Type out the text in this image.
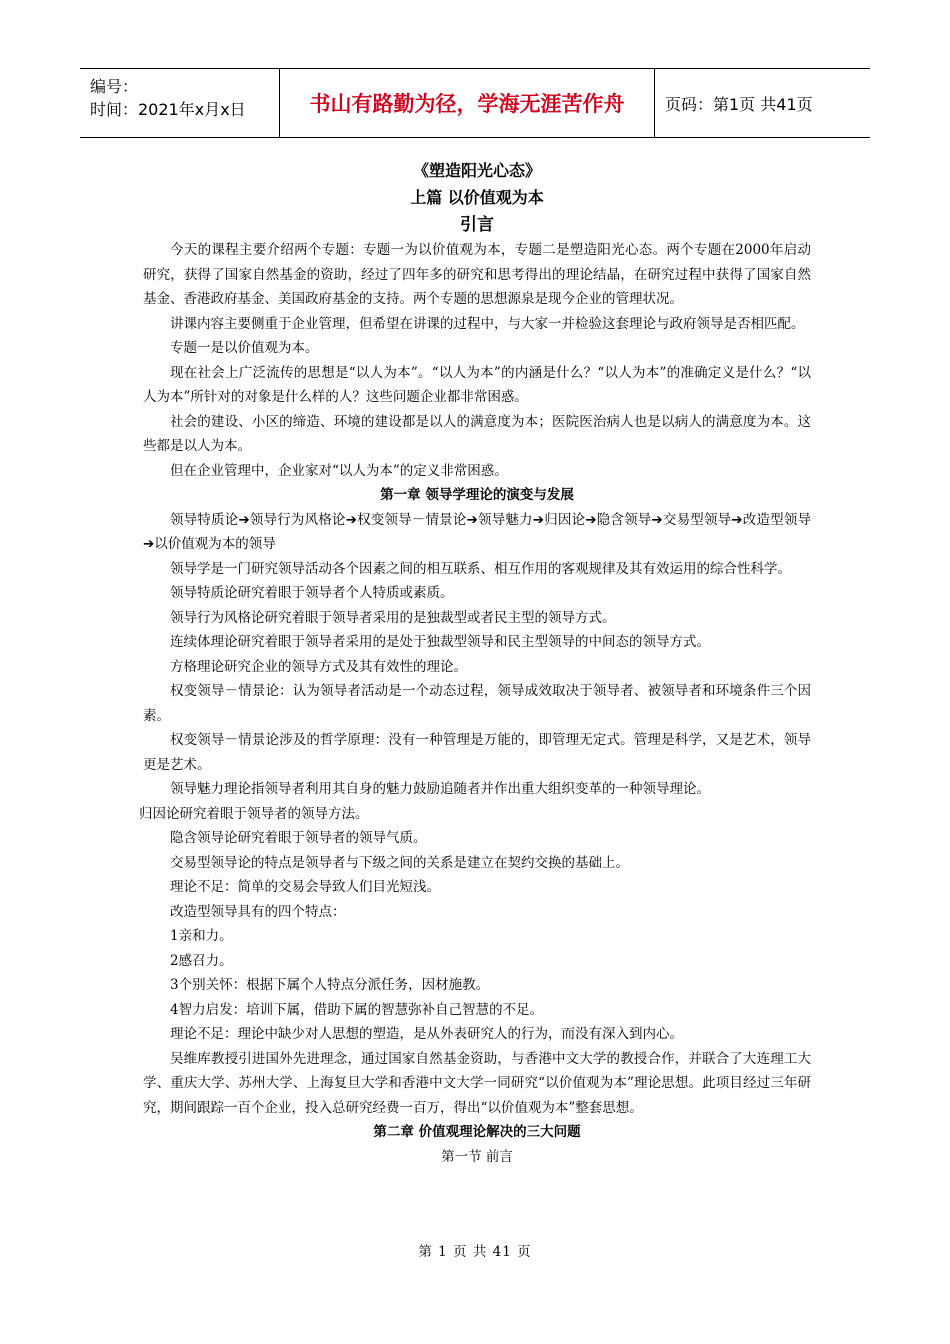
编号：
时间：2021年x月x日	书山有路勤为径，学海无涯苦作舟	页码：第1页 共41页
《塑造阳光心态》
上篇 以价值观为本
引言

今天的课程主要介绍两个专题：专题一为以价值观为本，专题二是塑造阳光心态。两个专题在2000年启动研究，获得了国家自然基金的资助，经过了四年多的研究和思考得出的理论结晶，在研究过程中获得了国家自然基金、香港政府基金、美国政府基金的支持。两个专题的思想源泉是现今企业的管理状况。

讲课内容主要侧重于企业管理，但希望在讲课的过程中，与大家一并检验这套理论与政府领导是否相匹配。

专题一是以价值观为本。

现在社会上广泛流传的思想是“以人为本”。“以人为本”的内涵是什么？“以人为本”的准确定义是什么？“以人为本”所针对的对象是什么样的人？这些问题企业都非常困惑。

社会的建设、小区的缔造、环境的建设都是以人的满意度为本；医院医治病人也是以病人的满意度为本。这些都是以人为本。

但在企业管理中，企业家对“以人为本”的定义非常困惑。

第一章 领导学理论的演变与发展

领导特质论➔领导行为风格论➔权变领导－情景论➔领导魅力➔归因论➔隐含领导➔交易型领导➔改造型领导➔以价值观为本的领导

领导学是一门研究领导活动各个因素之间的相互联系、相互作用的客观规律及其有效运用的综合性科学。

领导特质论研究着眼于领导者个人特质或素质。

领导行为风格论研究着眼于领导者采用的是独裁型或者民主型的领导方式。

连续体理论研究着眼于领导者采用的是处于独裁型领导和民主型领导的中间态的领导方式。

方格理论研究企业的领导方式及其有效性的理论。

权变领导－情景论：认为领导者活动是一个动态过程，领导成效取决于领导者、被领导者和环境条件三个因素。

权变领导－情景论涉及的哲学原理：没有一种管理是万能的，即管理无定式。管理是科学，又是艺术，领导更是艺术。

领导魅力理论指领导者利用其自身的魅力鼓励追随者并作出重大组织变革的一种领导理论。

归因论研究着眼于领导者的领导方法。

隐含领导论研究着眼于领导者的领导气质。

交易型领导论的特点是领导者与下级之间的关系是建立在契约交换的基础上。

理论不足：简单的交易会导致人们目光短浅。

改造型领导具有的四个特点：

1亲和力。

2感召力。

3个别关怀：根据下属个人特点分派任务，因材施教。

4智力启发：培训下属，借助下属的智慧弥补自己智慧的不足。

理论不足：理论中缺少对人思想的塑造，是从外表研究人的行为，而没有深入到内心。

吴维库教授引进国外先进理念，通过国家自然基金资助，与香港中文大学的教授合作，并联合了大连理工大学、重庆大学、苏州大学、上海复旦大学和香港中文大学一同研究“以价值观为本”理论思想。此项目经过三年研究，期间跟踪一百个企业，投入总研究经费一百万，得出“以价值观为本”整套思想。

第二章 价值观理论解决的三大问题
第一节 前言
第 1 页 共 41 页
